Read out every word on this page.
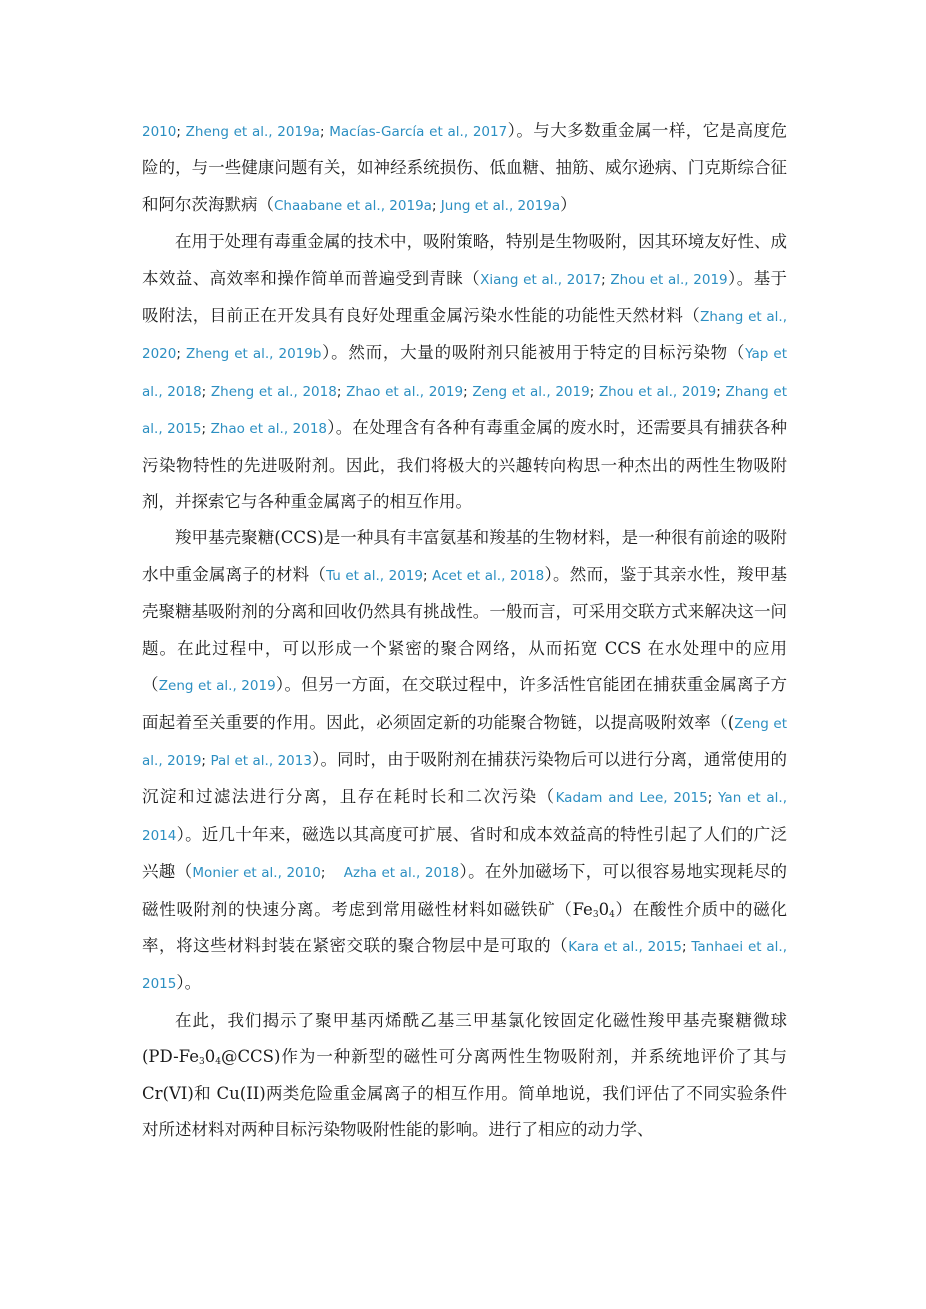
2010; Zheng et al., 2019a; Macías-García et al., 2017）。与大多数重金属一样，它是高度危险的，与一些健康问题有关，如神经系统损伤、低血糖、抽筋、威尔逊病、门克斯综合征和阿尔茨海默病（Chaabane et al., 2019a; Jung et al., 2019a）

在用于处理有毒重金属的技术中，吸附策略，特别是生物吸附，因其环境友好性、成本效益、高效率和操作简单而普遍受到青睐（Xiang et al., 2017; Zhou et al., 2019）。基于吸附法，目前正在开发具有良好处理重金属污染水性能的功能性天然材料（Zhang et al., 2020; Zheng et al., 2019b）。然而，大量的吸附剂只能被用于特定的目标污染物（Yap et al., 2018; Zheng et al., 2018; Zhao et al., 2019; Zeng et al., 2019; Zhou et al., 2019; Zhang et al., 2015; Zhao et al., 2018）。在处理含有各种有毒重金属的废水时，还需要具有捕获各种污染物特性的先进吸附剂。因此，我们将极大的兴趣转向构思一种杰出的两性生物吸附剂，并探索它与各种重金属离子的相互作用。

羧甲基壳聚糖(CCS)是一种具有丰富氨基和羧基的生物材料，是一种很有前途的吸附水中重金属离子的材料（Tu et al., 2019; Acet et al., 2018）。然而，鉴于其亲水性，羧甲基壳聚糖基吸附剂的分离和回收仍然具有挑战性。一般而言，可采用交联方式来解决这一问题。在此过程中，可以形成一个紧密的聚合网络，从而拓宽 CCS 在水处理中的应用（Zeng et al., 2019）。但另一方面，在交联过程中，许多活性官能团在捕获重金属离子方面起着至关重要的作用。因此，必须固定新的功能聚合物链，以提高吸附效率（(Zeng et al., 2019; Pal et al., 2013）。同时，由于吸附剂在捕获污染物后可以进行分离，通常使用的沉淀和过滤法进行分离，且存在耗时长和二次污染（Kadam and Lee, 2015; Yan et al., 2014）。近几十年来，磁选以其高度可扩展、省时和成本效益高的特性引起了人们的广泛兴趣（Monier et al., 2010;    Azha et al., 2018）。在外加磁场下，可以很容易地实现耗尽的磁性吸附剂的快速分离。考虑到常用磁性材料如磁铁矿$(Fe_30_4)$在酸性介质中的磁化率，将这些材料封装在紧密交联的聚合物层中是可取的（Kara et al., 2015; Tanhaei et al., 2015）。

在此，我们揭示了聚甲基丙烯酰乙基三甲基氯化铵固定化磁性羧甲基壳聚糖微球$(PD-Fe_30_4@CCS)$作为一种新型的磁性可分离两性生物吸附剂，并系统地评价了其与 Cr(VI)和 Cu(II)两类危险重金属离子的相互作用。简单地说，我们评估了不同实验条件对所述材料对两种目标污染物吸附性能的影响。进行了相应的动力学、
